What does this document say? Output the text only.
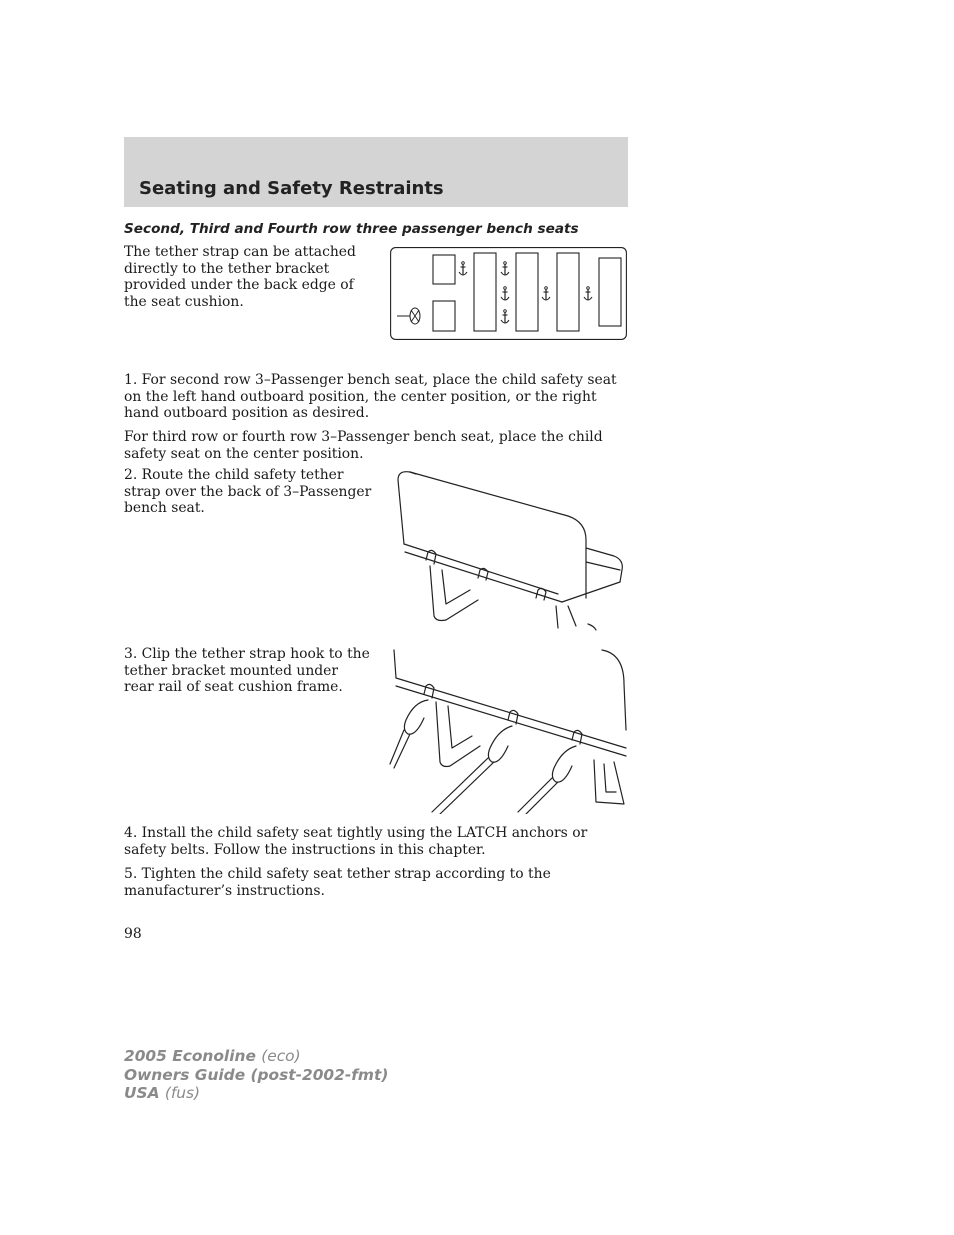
Seating and Safety Restraints
Second, Third and Fourth row three passenger bench seats

The tether strap can be attached directly to the tether bracket provided under the back edge of the seat cushion.

1. For second row 3–Passenger bench seat, place the child safety seat on the left hand outboard position, the center position, or the right hand outboard position as desired.

For third row or fourth row 3–Passenger bench seat, place the child safety seat on the center position.

2. Route the child safety tether strap over the back of 3–Passenger bench seat.

3. Clip the tether strap hook to the tether bracket mounted under rear rail of seat cushion frame.

4. Install the child safety seat tightly using the LATCH anchors or safety belts. Follow the instructions in this chapter.

5. Tighten the child safety seat tether strap according to the manufacturer’s instructions.

98
2005 Econoline (eco)
Owners Guide (post-2002-fmt)
USA (fus)
